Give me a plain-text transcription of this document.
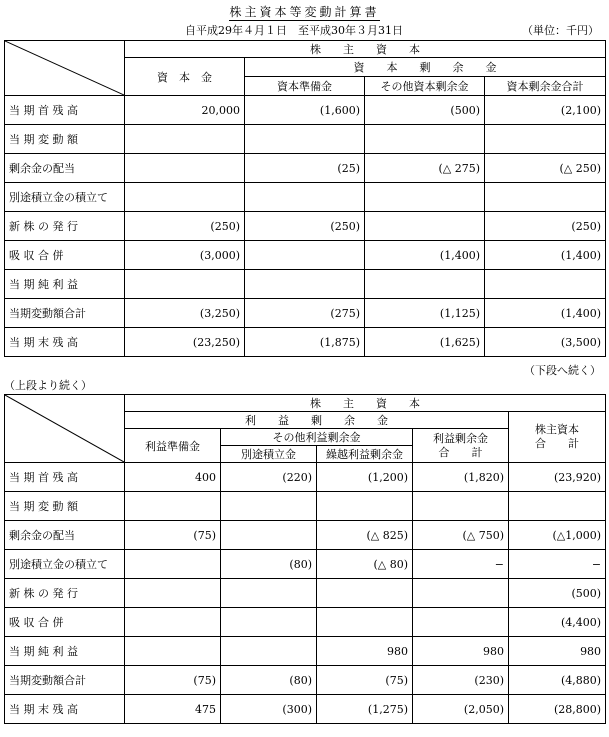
株主資本等変動計算書
自平成29年４月１日　至平成30年３月31日	（単位：千円）
	株　　主　　資　　本			
	資　本　金	資　　本　　剰　　余　　金		
		資本準備金	その他資本剰余金	資本剰余金合計
当 期 首 残 高	20,000	(1,600)	(500)	(2,100)
当 期 変 動 額				
剰余金の配当		(25)	(△ 275)	(△ 250)
別途積立金の積立て				
新 株 の 発 行	(250)	(250)		(250)
吸 収 合 併	(3,000)		(1,400)	(1,400)
当 期 純 利 益				
当期変動額合計	(3,250)	(275)	(1,125)	(1,400)
当 期 末 残 高	(23,250)	(1,875)	(1,625)	(3,500)
（下段へ続く）
（上段より続く）
	株　　主　　資　　本				
	利　　益　　剰　　余　　金				株主資本
合　　計
	利益準備金	その他利益剰余金		利益剰余金
合　　計	
		別途積立金	繰越利益剰余金		
当 期 首 残 高	400	(220)	(1,200)	(1,820)	(23,920)
当 期 変 動 額					
剰余金の配当	(75)		(△ 825)	(△ 750)	(△1,000)
別途積立金の積立て		(80)	(△ 80)	−	−
新 株 の 発 行					(500)
吸 収 合 併					(4,400)
当 期 純 利 益			980	980	980
当期変動額合計	(75)	(80)	(75)	(230)	(4,880)
当 期 末 残 高	475	(300)	(1,275)	(2,050)	(28,800)
